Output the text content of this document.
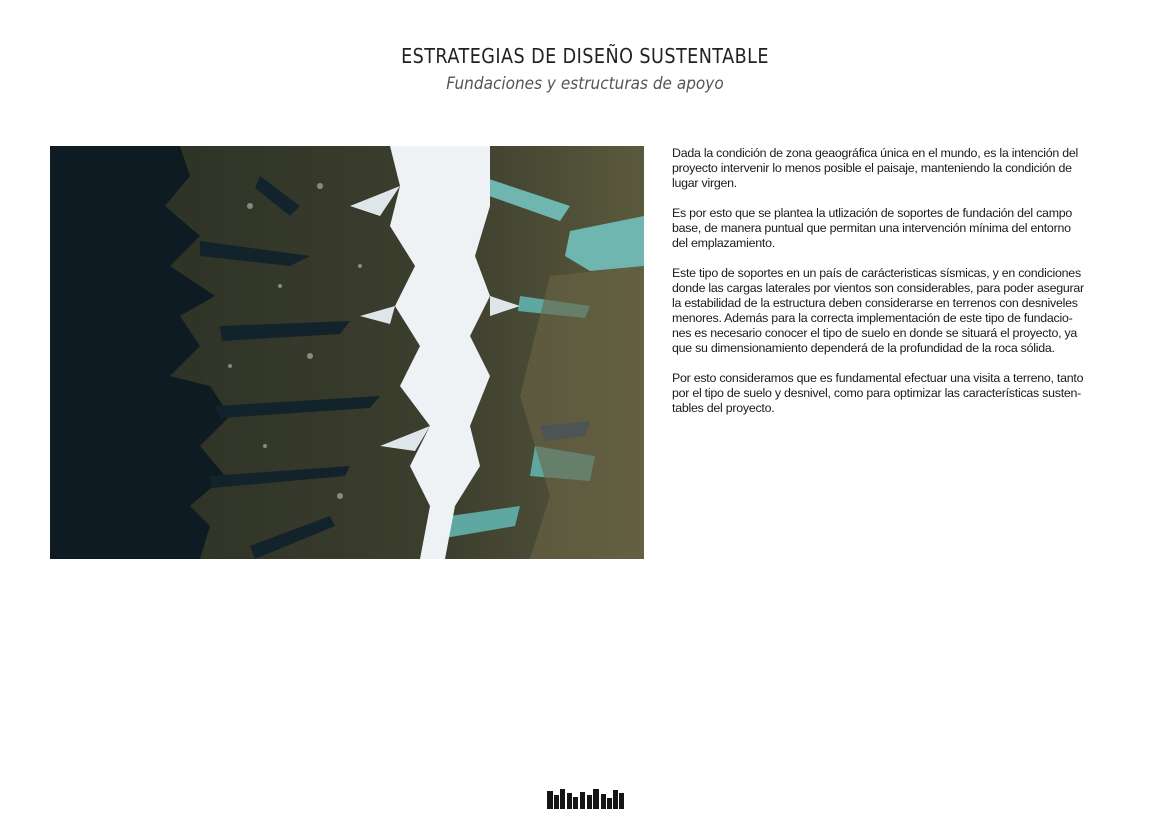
ESTRATEGIAS DE DISEÑO SUSTENTABLE
Fundaciones y estructuras de apoyo

Dada la condición de zona geaográfica única en el mundo, es la intención del
proyecto intervenir lo menos posible el paisaje, manteniendo la condición de
lugar virgen.

Es por esto que se plantea la utlización de soportes de fundación del campo
base, de manera puntual que permitan una intervención mínima del entorno
del emplazamiento.

Este tipo de soportes en un país de carácteristicas sísmicas, y en condiciones
donde las cargas laterales por vientos son considerables, para poder asegurar
la estabilidad de la estructura deben considerarse en terrenos con desniveles
menores. Además para la correcta implementación de este tipo de fundacio-
nes es necesario conocer el tipo de suelo en donde se situará el proyecto, ya
que su dimensionamiento dependerá de la profundidad de la roca sólida.

Por esto consideramos que es fundamental efectuar una visita a terreno, tanto
por el tipo de suelo y desnivel, como para optimizar las características susten-
tables del proyecto.
